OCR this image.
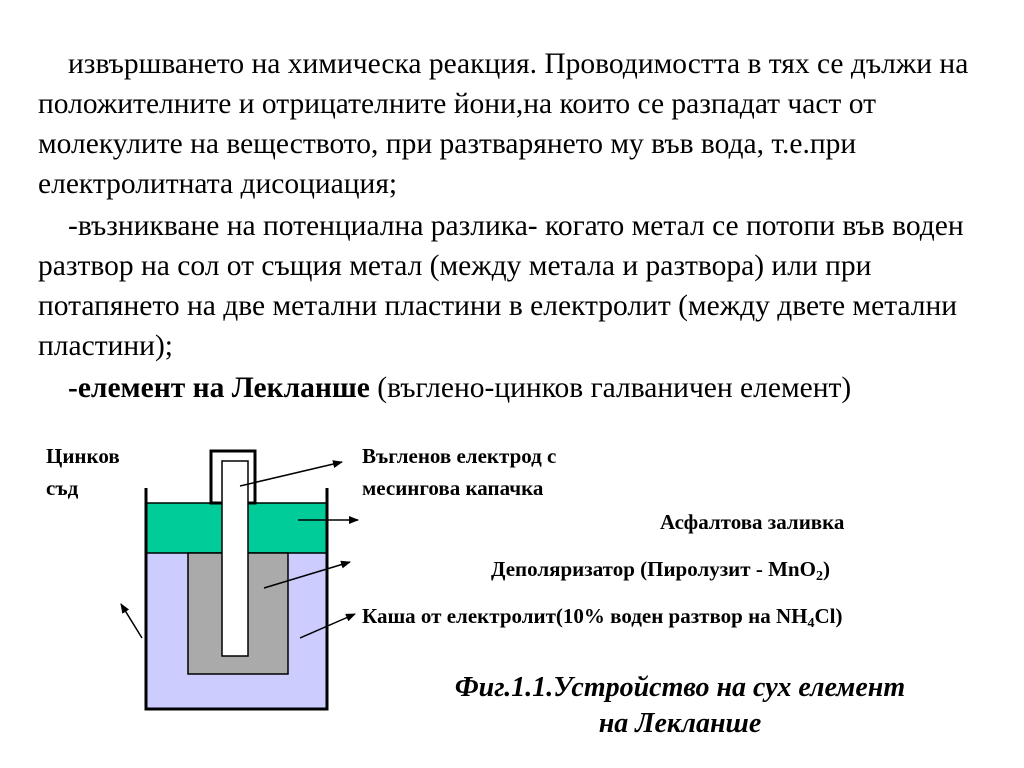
извършването на химическа реакция. Проводимостта в тях се дължи на положителните и отрицателните йони,на които се разпадат част от молекулите на веществото, при разтварянето му във вода, т.е.при електролитната дисоциация;

-възникване на потенциална разлика- когато метал се потопи във воден разтвор на сол от същия метал (между метала и разтвора) или при потапянето на две метални пластини в електролит (между двете метални пластини);

-елемент на Лекланше (въглено-цинков галваничен елемент)

Цинков
съд
Въгленов електрод с
месингова капачка
Асфалтова заливка
Деполяризатор (Пиролузит - MnO$_2$)
Каша от електролит(10% воден разтвор на $NH_4Cl$)
Фиг.1.1.Устройство на сух елемент
на Лекланше
